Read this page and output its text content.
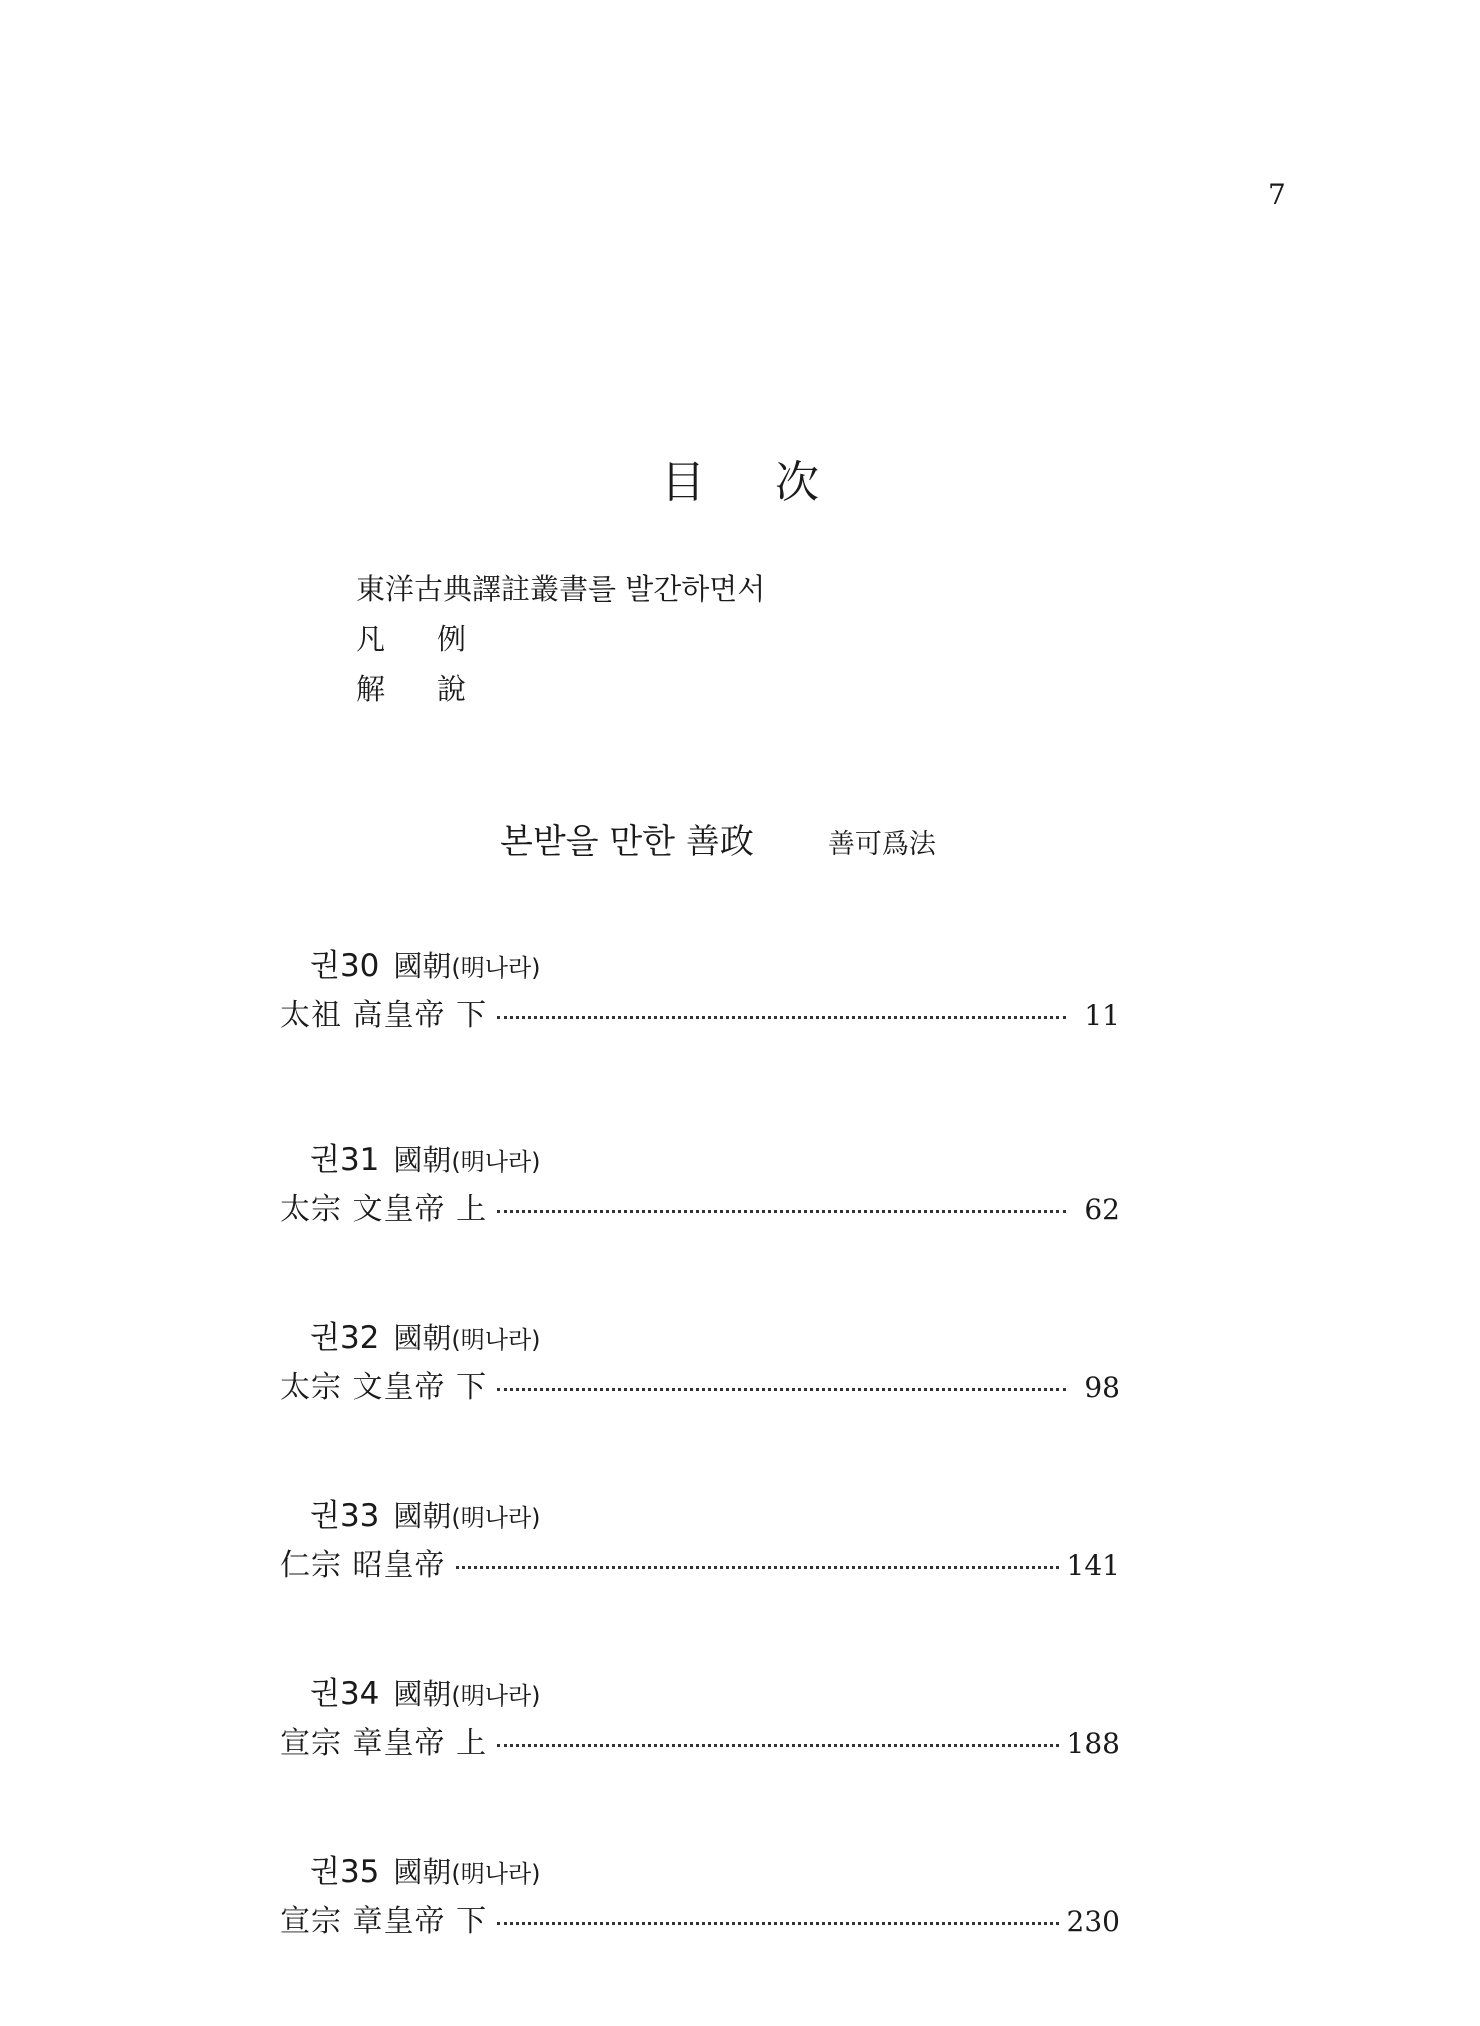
7
目 次
東洋古典譯註叢書를 발간하면서
凡例
解說
본받을 만한 善政	善可爲法
권30 國朝(明나라)
太祖 高皇帝 下	11
권31 國朝(明나라)
太宗 文皇帝 上	62
권32 國朝(明나라)
太宗 文皇帝 下	98
권33 國朝(明나라)
仁宗 昭皇帝	141
권34 國朝(明나라)
宣宗 章皇帝 上	188
권35 國朝(明나라)
宣宗 章皇帝 下	230
